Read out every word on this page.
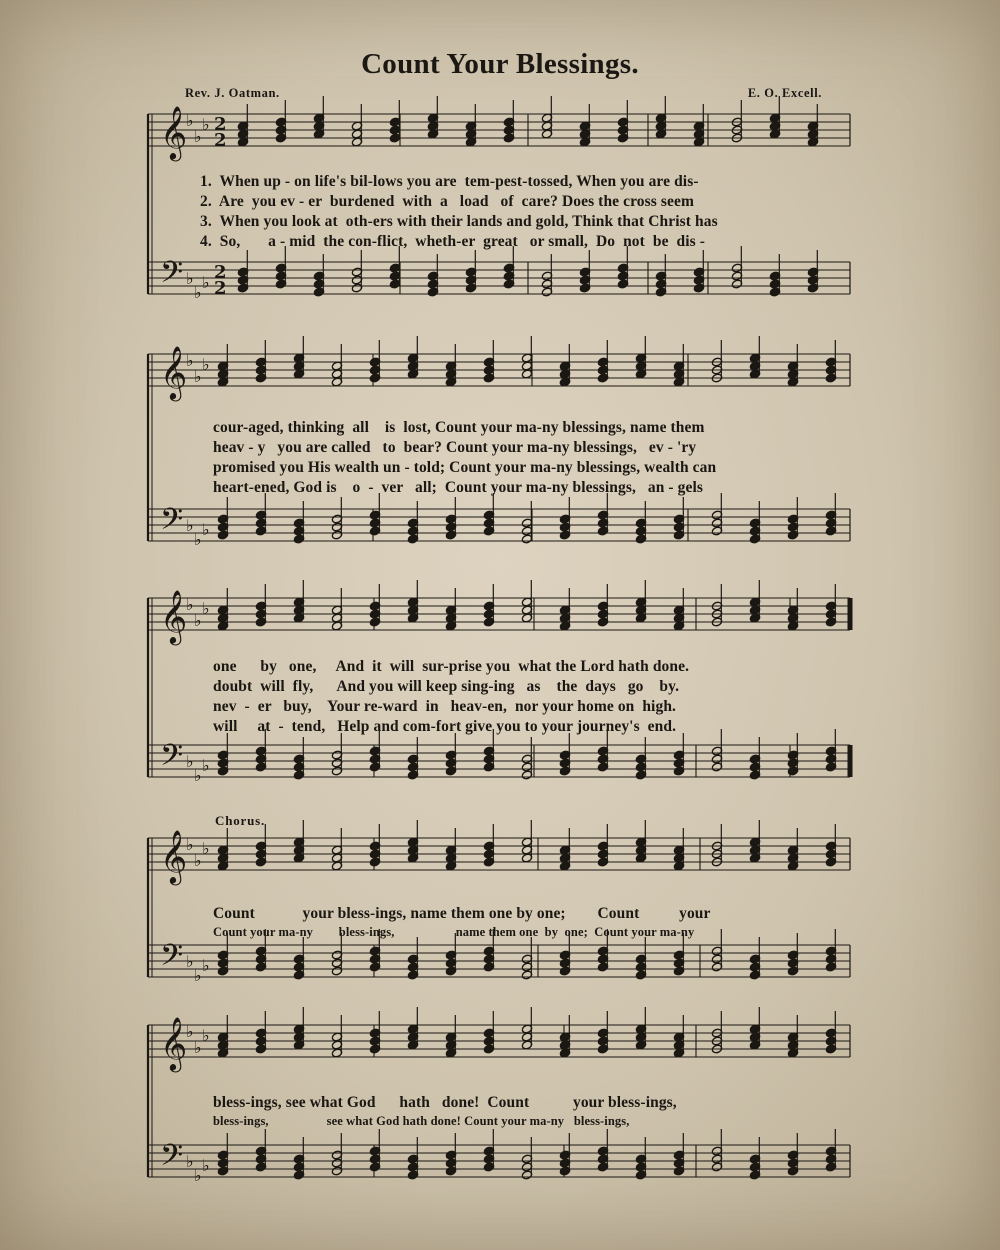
Count Your Blessings.
Rev. J. Oatman.	E. O. Excell.
𝄞
𝄢
♭
♭
♭
♭
♭
♭
2
2
2
2
𝄞
𝄢
♭
♭
♭
♭
♭
♭
𝄞
𝄢
♭
♭
♭
♭
♭
♭
𝄞
𝄢
♭
♭
♭
♭
♭
♭
𝄞
𝄢
♭
♭
♭
♭
♭
♭
1.  When up - on life's bil-lows you are  tem-pest-tossed, When you are dis-
2.  Are  you ev - er  burdened  with  a   load   of  care? Does the cross seem
3.  When you look at  oth-ers with their lands and gold, Think that Christ has
4.  So,       a - mid  the con-flict,  wheth-er  great   or small,  Do  not  be  dis -
cour-aged, thinking  all    is  lost, Count your ma-ny blessings, name them
heav - y   you are called   to  bear? Count your ma-ny blessings,   ev - 'ry
promised you His wealth un - told; Count your ma-ny blessings, wealth can
heart-ened, God is    o  -  ver   all;  Count your ma-ny blessings,   an - gels
one      by   one,     And  it  will  sur-prise you  what the Lord hath done.
doubt  will  fly,      And you will keep sing-ing   as    the  days   go    by.
nev  -  er   buy,    Your re-ward  in   heav-en,  nor your home on  high.
will     at  -  tend,   Help and com-fort give you to your journey's  end.
Chorus.
Count            your bless-ings, name them one by one;        Count          your
Count your ma-ny        bless-ings,                   name them one  by  one;  Count your ma-ny
bless-ings, see what God      hath   done!  Count           your bless-ings,
bless-ings,                  see what God hath done! Count your ma-ny   bless-ings,
